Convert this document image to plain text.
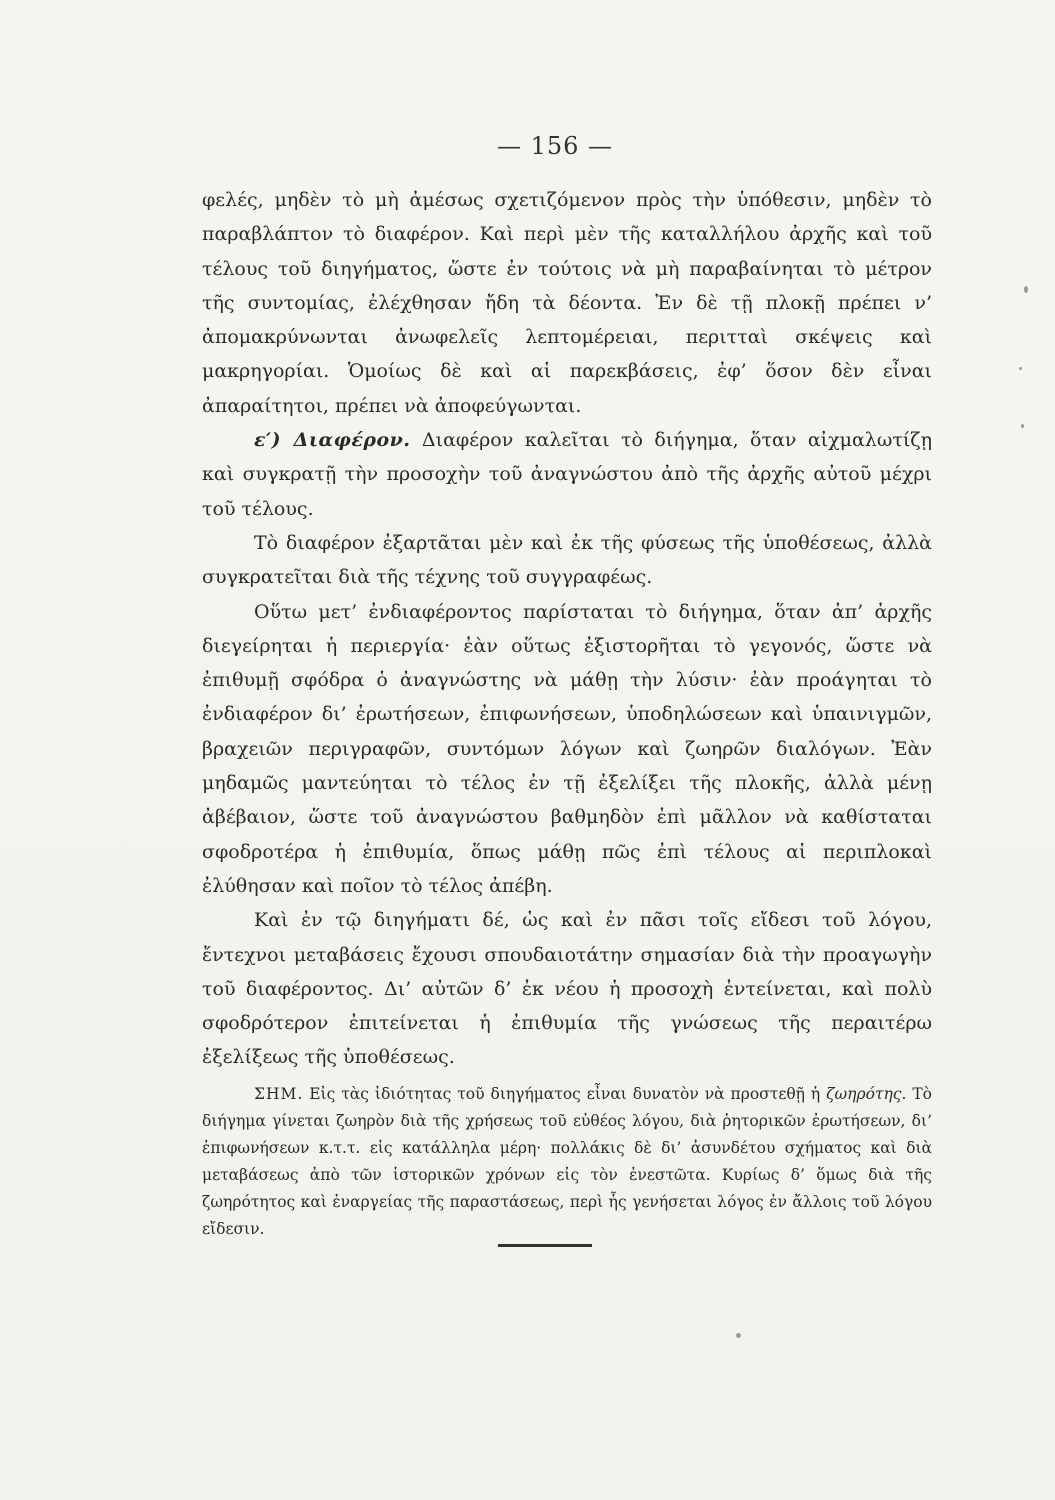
— 156 —

φελές, μηδὲν τὸ μὴ ἀμέσως σχετιζόμενον πρὸς τὴν ὑπόθεσιν, μηδὲν τὸ παραβλάπτον τὸ διαφέρον. Καὶ περὶ μὲν τῆς καταλλήλου ἀρχῆς καὶ τοῦ τέλους τοῦ διηγήματος, ὥστε ἐν τούτοις νὰ μὴ παραβαίνηται τὸ μέτρον τῆς συντομίας, ἐλέχθησαν ἤδη τὰ δέοντα. Ἐν δὲ τῇ πλοκῇ πρέπει ν’ ἀπομακρύνωνται ἀνωφελεῖς λεπτομέρειαι, περιτταὶ σκέψεις καὶ μακρηγορίαι. Ὁμοίως δὲ καὶ αἱ παρεκβάσεις, ἐφ’ ὅσον δὲν εἶναι ἀπαραίτητοι, πρέπει νὰ ἀποφεύγωνται.

ε′) Διαφέρον. Διαφέρον καλεῖται τὸ διήγημα, ὅταν αἰχμαλωτίζῃ καὶ συγκρατῇ τὴν προσοχὴν τοῦ ἀναγνώστου ἀπὸ τῆς ἀρχῆς αὐτοῦ μέχρι τοῦ τέλους.

Τὸ διαφέρον ἐξαρτᾶται μὲν καὶ ἐκ τῆς φύσεως τῆς ὑποθέσεως, ἀλλὰ συγκρατεῖται διὰ τῆς τέχνης τοῦ συγγραφέως.

Οὕτω μετ’ ἐνδιαφέροντος παρίσταται τὸ διήγημα, ὅταν ἀπ’ ἀρχῆς διεγείρηται ἡ περιεργία· ἐὰν οὕτως ἐξιστορῆται τὸ γεγονός, ὥστε νὰ ἐπιθυμῇ σφόδρα ὁ ἀναγνώστης νὰ μάθῃ τὴν λύσιν· ἐὰν προάγηται τὸ ἐνδιαφέρον δι’ ἐρωτήσεων, ἐπιφωνήσεων, ὑποδηλώσεων καὶ ὑπαινιγμῶν, βραχειῶν περιγραφῶν, συντόμων λόγων καὶ ζωηρῶν διαλόγων. Ἐὰν μηδαμῶς μαντεύηται τὸ τέλος ἐν τῇ ἐξελίξει τῆς πλοκῆς, ἀλλὰ μένῃ ἀβέβαιον, ὥστε τοῦ ἀναγνώστου βαθμηδὸν ἐπὶ μᾶλλον νὰ καθίσταται σφοδροτέρα ἡ ἐπιθυμία, ὅπως μάθῃ πῶς ἐπὶ τέλους αἱ περιπλοκαὶ ἐλύθησαν καὶ ποῖον τὸ τέλος ἀπέβη.

Καὶ ἐν τῷ διηγήματι δέ, ὡς καὶ ἐν πᾶσι τοῖς εἴδεσι τοῦ λόγου, ἔντεχνοι μεταβάσεις ἔχουσι σπουδαιοτάτην σημασίαν διὰ τὴν προαγωγὴν τοῦ διαφέροντος. Δι’ αὐτῶν δ’ ἐκ νέου ἡ προσοχὴ ἐντείνεται, καὶ πολὺ σφοδρότερον ἐπιτείνεται ἡ ἐπιθυμία τῆς γνώσεως τῆς περαιτέρω ἐξελίξεως τῆς ὑποθέσεως.

ΣΗΜ. Εἰς τὰς ἰδιότητας τοῦ διηγήματος εἶναι δυνατὸν νὰ προστεθῇ ἡ ζωηρότης. Τὸ διήγημα γίνεται ζωηρὸν διὰ τῆς χρήσεως τοῦ εὐθέος λόγου, διὰ ῥητορικῶν ἐρωτήσεων, δι’ ἐπιφωνήσεων κ.τ.τ. εἰς κατάλληλα μέρη· πολλάκις δὲ δι’ ἀσυνδέτου σχήματος καὶ διὰ μεταβάσεως ἀπὸ τῶν ἱστορικῶν χρόνων εἰς τὸν ἐνεστῶτα. Κυρίως δ’ ὅμως διὰ τῆς ζωηρότητος καὶ ἐναργείας τῆς παραστάσεως, περὶ ἧς γενήσεται λόγος ἐν ἄλλοις τοῦ λόγου εἴδεσιν.
